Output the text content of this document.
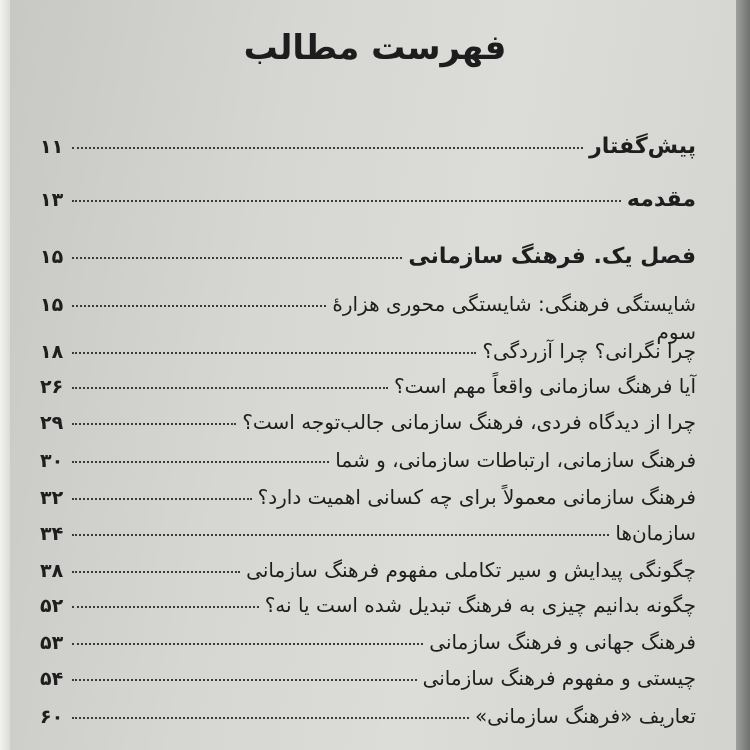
فهرست مطالب
پیش‌گفتار
۱۱
مقدمه
۱۳
فصل یک. فرهنگ سازمانی
۱۵
شایستگی فرهنگی: شایستگی محوری هزارهٔ
سوم
۱۵
چرا نگرانی؟ چرا آزردگی؟
۱۸
آیا فرهنگ سازمانی واقعاً مهم است؟
۲۶
چرا از دیدگاه فردی، فرهنگ سازمانی جالب‌توجه است؟
۲۹
فرهنگ سازمانی، ارتباطات سازمانی، و شما
۳۰
فرهنگ سازمانی معمولاً برای چه کسانی اهمیت دارد؟
۳۲
سازمان‌ها
۳۴
چگونگی پیدایش و سیر تکاملی مفهوم فرهنگ سازمانی
۳۸
چگونه بدانیم چیزی به فرهنگ تبدیل شده است یا نه؟
۵۲
فرهنگ جهانی و فرهنگ سازمانی
۵۳
چیستی و مفهوم فرهنگ سازمانی
۵۴
تعاریف «فرهنگ سازمانی»
۶۰
